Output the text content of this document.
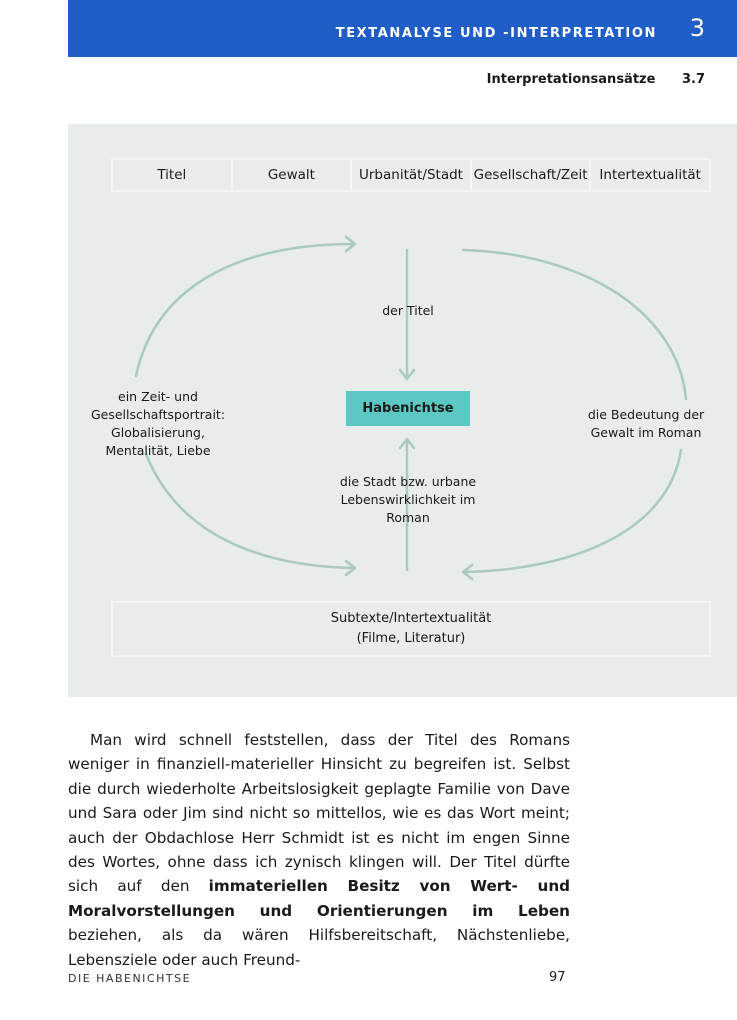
TEXTANALYSE UND -INTERPRETATION 3
Interpretationsansätze 3.7
Titel	Gewalt	Urbanität/Stadt Gesellschaft/Zeit Intertextualität
der Titel
ein Zeit- und
Gesellschaftsportrait:
Globalisierung,
Mentalität, Liebe
die Bedeutung der
Gewalt im Roman
Habenichtse
die Stadt bzw. urbane
Lebenswirklichkeit im
Roman
Subtexte/Intertextualität
(Filme, Literatur)

Man wird schnell feststellen, dass der Titel des Romans weniger in finanziell-materieller Hinsicht zu begreifen ist. Selbst die durch wiederholte Arbeitslosigkeit geplagte Familie von Dave und Sara oder Jim sind nicht so mittellos, wie es das Wort meint; auch der Obdachlose Herr Schmidt ist es nicht im engen Sinne des Wortes, ohne dass ich zynisch klingen will. Der Titel dürfte sich auf den immateriellen Besitz von Wert- und Moralvorstellungen und Orientierungen im Leben beziehen, als da wären Hilfsbereitschaft, Nächstenliebe, Lebensziele oder auch Freund-

DIE HABENICHTSE	97
